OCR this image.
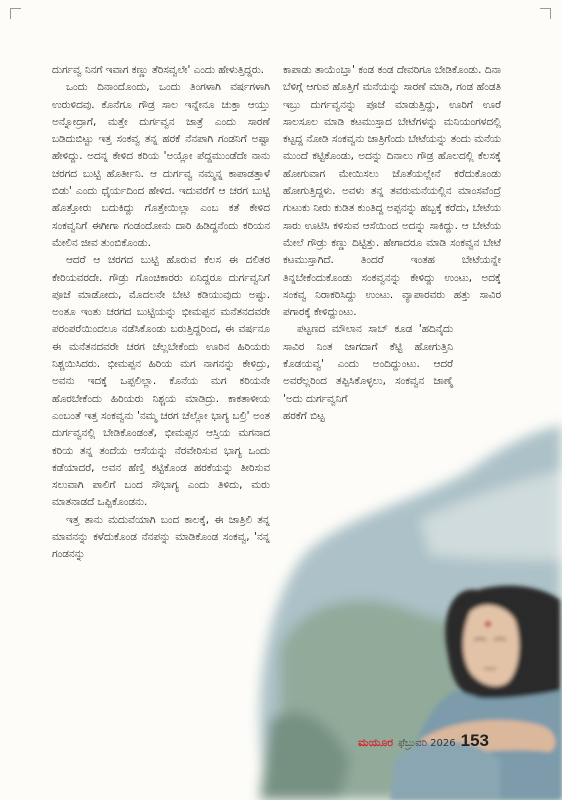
ದುರ್ಗವ್ವ ನಿನಗೆ ಇವಾಗ ಕಣ್ಣು ತೆರಿಸವ್ವಲೇ' ಎಂದು ಹೇಳುತ್ತಿದ್ದರು.

ಒಂದು ದಿನಾಂದೊಂದು, ಒಂದು ತಿಂಗಳಾಗಿ ವರ್ಷಗಳಾಗಿ ಉರುಳಿದವು. ಕೊನೆಗೂ ಗೌಡ್ರ ಸಾಲ ಇನ್ನೇನೂ ಚುಕ್ತಾ ಆಯ್ತು ಅನ್ನೋದ್ರಾಗೆ, ಮತ್ತೇ ದುರ್ಗವ್ವನ ಜಾತ್ರೆ ಎಂದು ಸಾರಣೆ ಬಡಿದುಬಿಟ್ಟು ಇತ್ತ ಸಂಕವ್ವ ತನ್ನ ಹರಕೆ ನೆನಪಾಗಿ ಗಂಡನಿಗೆ ಅಷ್ಟಾ ಹೇಳಿದ್ದು. ಅದನ್ನ ಕೇಳಿದ ಕರಿಯ 'ಅಯ್ಲೋ ಪೆದ್ದಮುಂಡೆದೇ ನಾನು ಚರಗದ ಬುಟ್ಟಿ ಹೊರ್ತೀನಿ. ಆ ದುರ್ಗವ್ವ ನಮ್ಮನ್ನ ಕಾಪಾಡತ್ತಾಳೆ ಬಿಡು' ಎಂದು ಧೈರ್ಯದಿಂದ ಹೇಳಿದ. ಇದುವರೆಗೆ ಆ ಚರಗ ಬುಟ್ಟಿ ಹೊತ್ತೋರು ಬದುಕಿದ್ದು ಗೊತ್ತೇಯಿಲ್ಲಾ ಎಂಬ ಕತೆ ಕೇಳಿದ ಸಂಕವ್ವನಿಗೆ ಈಗೀಗಾ ಗಂಡಂದೋನು ದಾರಿ ಹಿಡಿದ್ದನೆಂದು ಕರಿಯನ ಮೇಲಿನ ಜೀವ ತುಂಬಿಕೊಂಡು.

ಆದರೆ ಆ ಚರಗದ ಬುಟ್ಟಿ ಹೊರುವ ಕೆಲಸ ಈ ದಲಿತರ ಕೇರಿಯವರದೇ. ಗೌಡ್ರು ಗೊಂಚಿಕಾರರು ಏನಿದ್ದರೂ ದುರ್ಗವ್ವನಿಗೆ ಪೂಜೆ ಮಾಡೋದು, ಮೊದಲನೇ ಬೇಟಿ ಕಡಿಯುವುದು ಅಷ್ಟು. ಅಂತೂ ಇಂತು ಚರಗದ ಬುಟ್ಟಿಯನ್ನು ಭೀಮಪ್ಪನ ಮನೆತನದವರೇ ಪರಂಪರೆಯಿಂದಲೂ ನಡೆಸಿಕೊಂಡು ಬರುತ್ತಿದ್ದರಿಂದ, ಈ ವರ್ಷನೂ ಈ ಮನೆತನದವರೇ ಚರಗ ಚೆಲ್ಲಬೇಕೆಂದು ಊರಿನ ಹಿರಿಯರು ನಿಶ್ಚಯಿಸಿದರು. ಭೀಮಪ್ಪನ ಹಿರಿಯ ಮಗ ನಾಗನನ್ನು ಕೇಳಿದ್ರು, ಅವನು ಇದಕ್ಕೆ ಒಪ್ಪಲಿಲ್ಲಾ. ಕೊನೆಯ ಮಗ ಕರಿಯನೇ ಹೊರಬೇಕೆಂದು ಹಿರಿಯರು ನಿಶ್ಚಯ ಮಾಡಿದ್ರು. ಕಾಕತಾಳೀಯ ಎಂಬಂತೆ ಇತ್ತ ಸಂಕವ್ವನು 'ನಮ್ಮ ಚರಗ ಚೆಲ್ಲೋ ಭಾಗ್ಯ ಬಲ್ರಿ' ಅಂತ ದುರ್ಗವ್ವನಲ್ಲಿ ಬೇಡಿಕೊಂಡಂತೆ, ಭೀಮಪ್ಪನ ಆಸ್ತಿಯ ಮಗನಾದ ಕರಿಯ ತನ್ನ ತಂದೆಯ ಆಸೆಯನ್ನು ನೆರವೇರಿಸುವ ಭಾಗ್ಯ ಒಂದು ಕಡೆಯಾದರೆ, ಅವನ ಹೆಣ್ತಿ ಕಟ್ಟಿಕೊಂಡ ಹರಕೆಯನ್ನು ತೀರಿಸುವ ಸಲುವಾಗಿ ಪಾಲಿಗೆ ಬಂದ ಸೌಭಾಗ್ಯ ಎಂದು ತಿಳಿದು, ಮರು ಮಾತನಾಡದೆ ಒಪ್ಪಿಕೊಂಡನು.

ಇತ್ತ ತಾನು ಮದುವೆಯಾಗಿ ಬಂದ ಕಾಲಕ್ಕೆ, ಈ ಜಾತ್ರಿಲಿ ತನ್ನ ಮಾವನನ್ನು ಕಳೆದುಕೊಂಡ ನೆನಪನ್ನು ಮಾಡಿಕೊಂಡ ಸಂಕವ್ವ, 'ನನ್ನ ಗಂಡನನ್ನು

ಕಾಪಾಡು ತಾಯೆಂಬ್ತಾ' ಕಂಡ ಕಂಡ ದೇವರಿಗೂ ಬೇಡಿಕೊಂಡು. ದಿನಾ ಬೆಳಿಗ್ಗೆ ಆಗುವ ಹೊತ್ತಿಗೆ ಮನೆಯನ್ನು ಸಾರಣೆ ಮಾಡಿ, ಗಂಡ ಹೆಂಡತಿ ಇಬ್ರು ದುರ್ಗವ್ವನನ್ನು ಪೂಜೆ ಮಾಡುತ್ತಿದ್ದು, ಊರಿಗೆ ಊರೆ ಸಾಲಸೂಲ ಮಾಡಿ ಕಟಮುಸ್ತಾದ ಬೇಟೆಗಳನ್ನು ಮನಿಯಂಗಳದಲ್ಲಿ ಕಟ್ಟದ್ದ ನೋಡಿ ಸಂಕವ್ವನು ಜಾತ್ರಿಗೆಂದು ಬೇಟೆಯನ್ನು ತಂದು ಮನೆಯ ಮುಂದೆ ಕಟ್ಟಿಕೊಂಡು, ಅದನ್ನು ದಿನಾಲು ಗೌಡ್ರ ಹೊಲದಲ್ಲಿ ಕೆಲಸಕ್ಕೆ ಹೋಗುವಾಗ ಮೇಯಿಸಲು ಜೊತೆಯಲ್ಲೇನೆ ಕರೆದುಕೊಂಡು ಹೋಗುತ್ತಿದ್ದಳು. ಅವಳು ತನ್ನ ತವರುಮನೆಯಲ್ಲಿನ ಮಾಂಸವೆಂದ್ರೆ ಗುಟುಕು ನೀರು ಕುಡಿತ ಕುಂತಿದ್ದ ಅಪ್ಪನನ್ನು ಹಬ್ಬಕ್ಕೆ ಕರೆದು, ಬೇಟೆಯ ಸಾರು ಊಟಿಸಿ ಕಳಿಸುವ ಆಸೆಯಿಂದ ಅದನ್ನು ಸಾಕಿದ್ದು. ಆ ಬೇಟೆಯ ಮೇಲೆ ಗೌಡ್ರು ಕಣ್ಣು ದಿಟ್ಟಿತ್ತು. ಹೇಗಾದರೂ ಮಾಡಿ ಸಂಕವ್ವನ ಬೇಟೆ ಕಟಮುಸ್ತಾಗಿದೆ. ತಿಂದರೆ ಇಂತಹ ಬೇಟೆಯನ್ನೇ ತಿನ್ನಬೇಕೆಂದುಕೊಂಡು ಸಂಕವ್ವನನ್ನು ಕೇಳಿದ್ದು ಉಂಟು, ಅದಕ್ಕೆ ಸಂಕವ್ವ ನಿರಾಕರಿಸಿದ್ದು ಉಂಟು. ವ್ಯಾಪಾರವರು ಹತ್ತು ಸಾವಿರ ಪಗಾರಕ್ಕೆ ಕೇಳಿದ್ದುಂಟು.

ಪಟ್ಟಣದ ಮೌಲಾನ ಸಾಬ್ ಕೂಡ 'ಹದಿನೈದು ಸಾವಿರ ನಿಂತ ಜಾಗದಾಗೆ ಕೆಟ್ಟಿ ಹೋಗುತ್ತಿನಿ ಕೊಡಯವ್ವ' ಎಂದು ಅಂದಿದ್ದುಂಟು. ಆದರೆ ಅವರೆಲ್ಲರಿಂದ ತಪ್ಪಿಸಿಕೊಳ್ಳಲು, ಸಂಕವ್ವನ ಜಾಣ್ಮೆ 'ಅದು ದುರ್ಗವ್ವನಿಗೆ

ಹರಕೆಗೆ ಬಿಟ್ಟ

ಮಯೂರ ಫೆಬ್ರುವರಿ 2026 153
